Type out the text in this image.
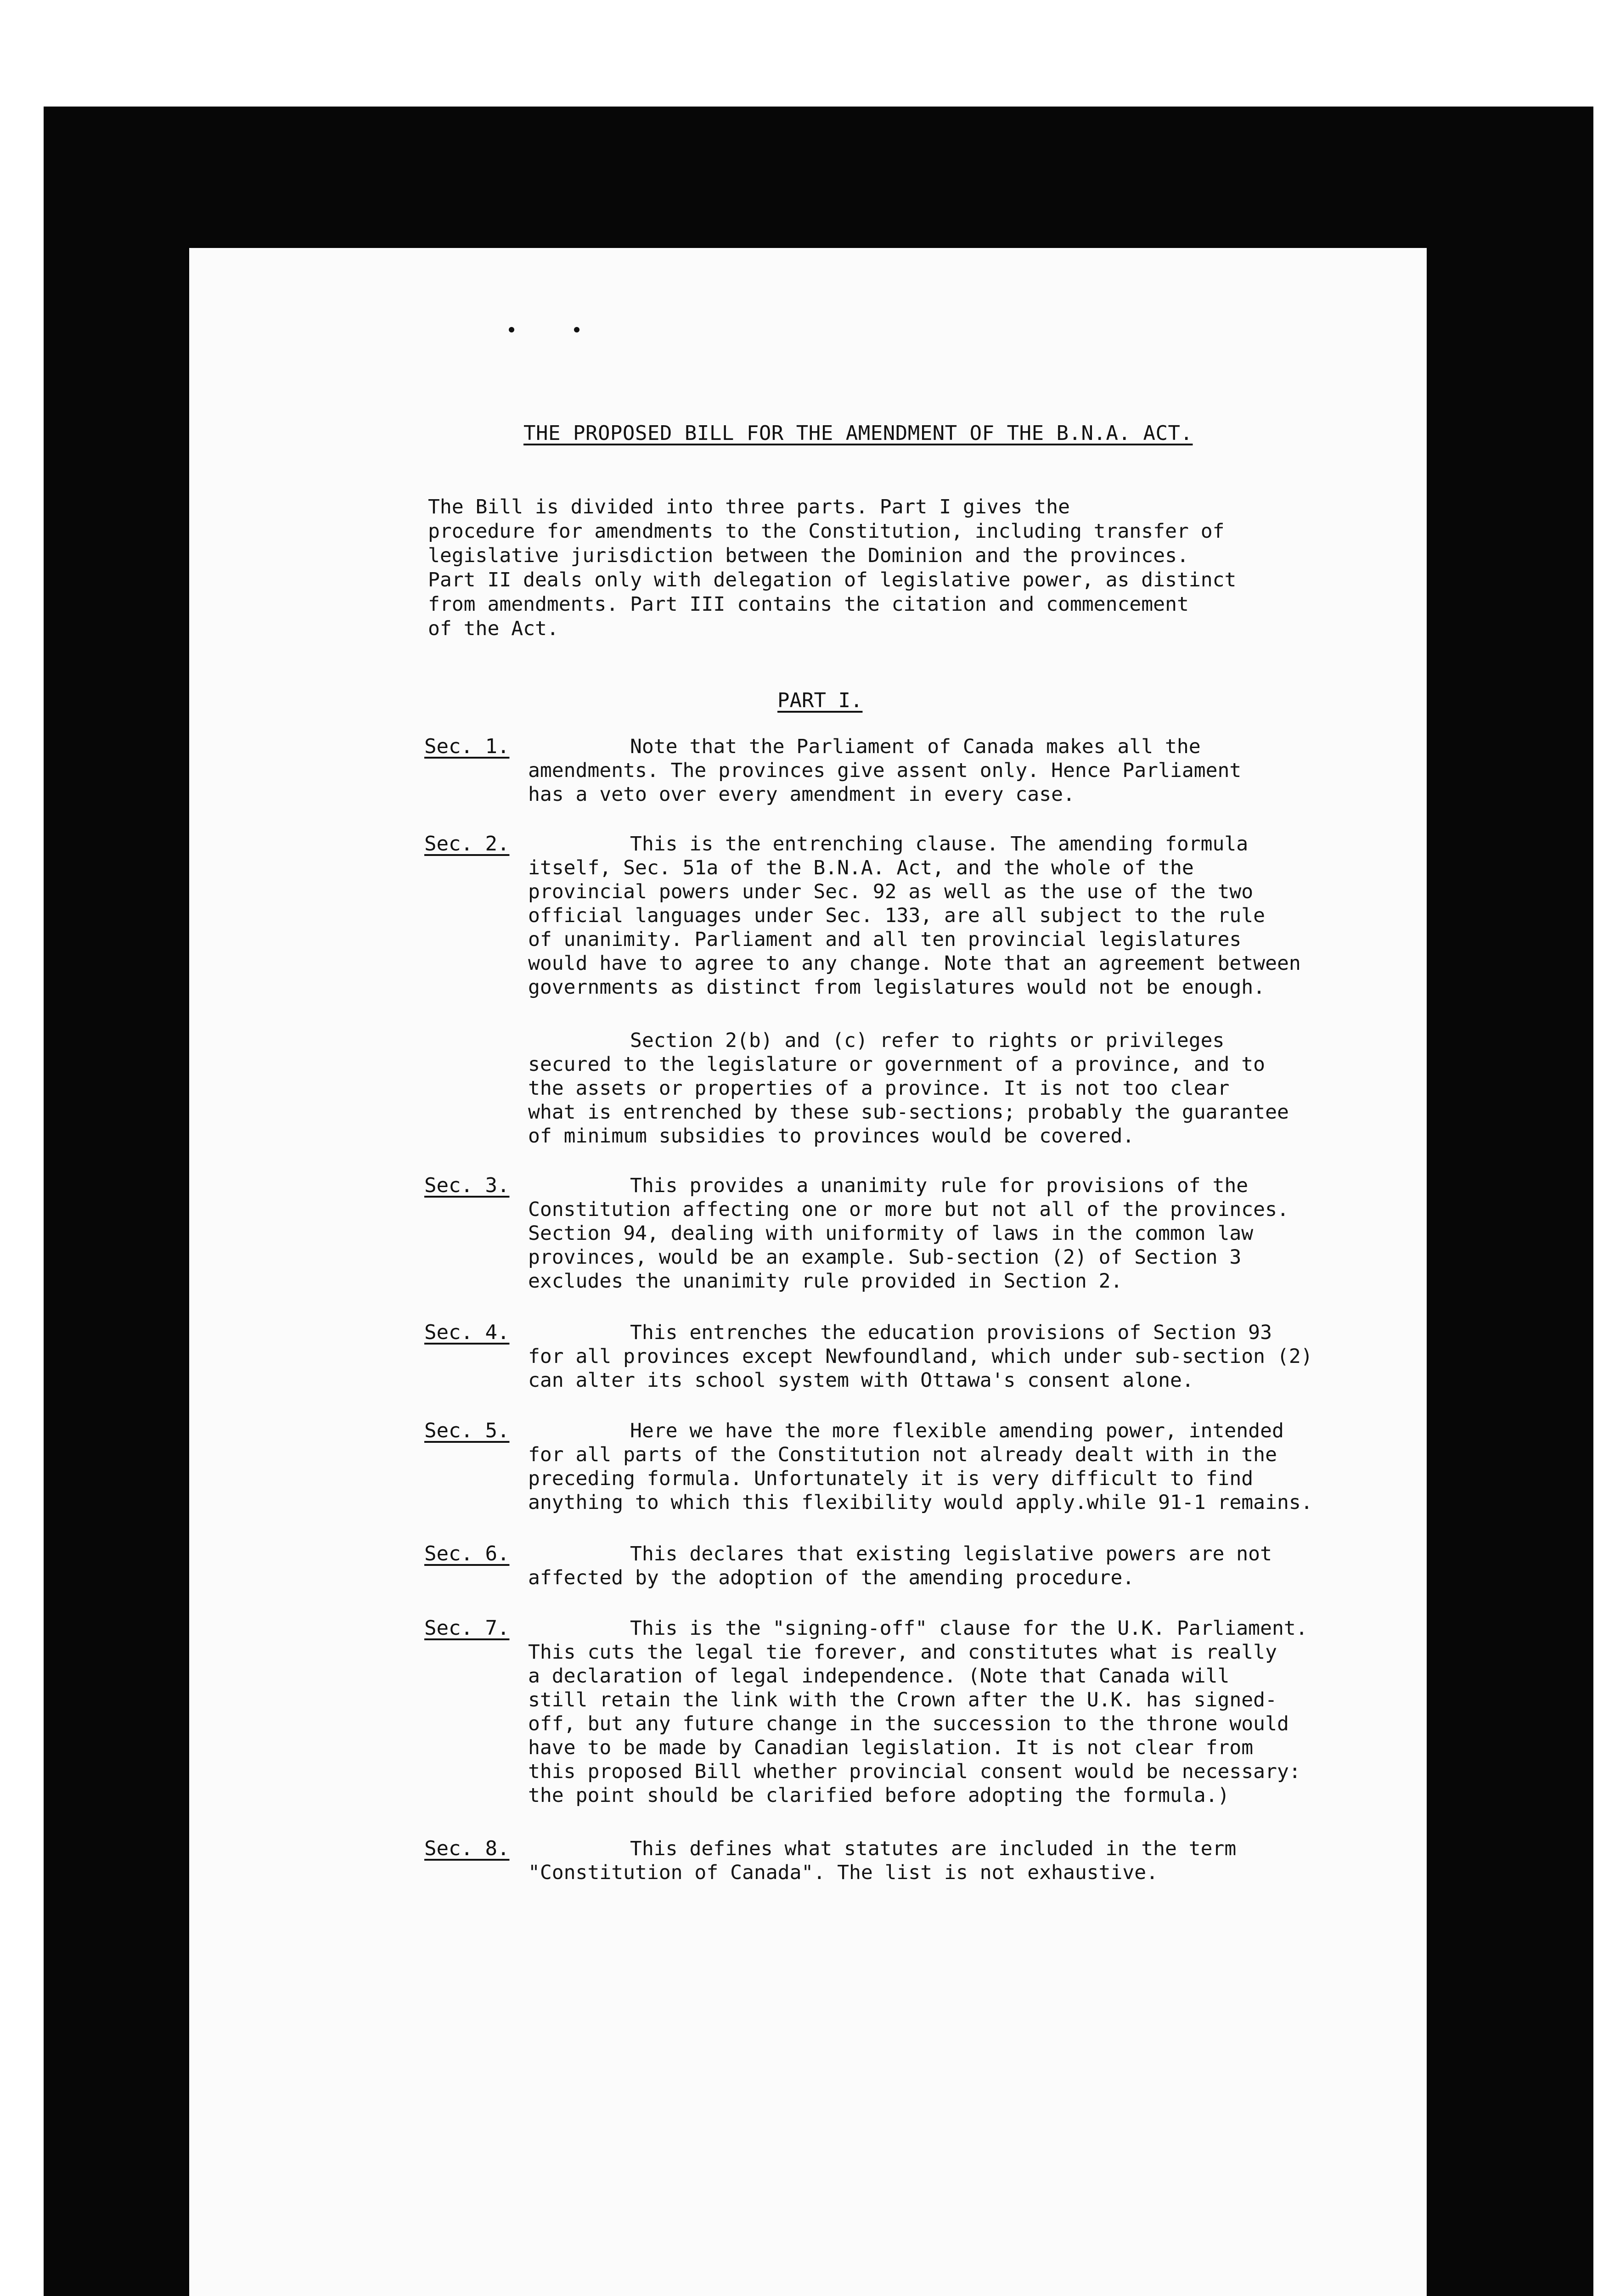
THE PROPOSED BILL FOR THE AMENDMENT OF THE B.N.A. ACT.

The Bill is divided into three parts. Part I gives the
procedure for amendments to the Constitution, including transfer of
legislative jurisdiction between the Dominion and the provinces.
Part II deals only with delegation of legislative power, as distinct
from amendments. Part III contains the citation and commencement
of the Act.

PART I.
Sec. 1.	Note that the Parliament of Canada makes all the
amendments. The provinces give assent only. Hence Parliament
has a veto over every amendment in every case.

Sec. 2.	This is the entrenching clause. The amending formula
itself, Sec. 51a of the B.N.A. Act, and the whole of the
provincial powers under Sec. 92 as well as the use of the two
official languages under Sec. 133, are all subject to the rule
of unanimity. Parliament and all ten provincial legislatures
would have to agree to any change. Note that an agreement between
governments as distinct from legislatures would not be enough.

Section 2(b) and (c) refer to rights or privileges
secured to the legislature or government of a province, and to
the assets or properties of a province. It is not too clear
what is entrenched by these sub-sections; probably the guarantee
of minimum subsidies to provinces would be covered.

Sec. 3.	This provides a unanimity rule for provisions of the
Constitution affecting one or more but not all of the provinces.
Section 94, dealing with uniformity of laws in the common law
provinces, would be an example. Sub-section (2) of Section 3
excludes the unanimity rule provided in Section 2.

Sec. 4.	This entrenches the education provisions of Section 93
for all provinces except Newfoundland, which under sub-section (2)
can alter its school system with Ottawa's consent alone.

Sec. 5.	Here we have the more flexible amending power, intended
for all parts of the Constitution not already dealt with in the
preceding formula. Unfortunately it is very difficult to find
anything to which this flexibility would apply.while 91-1 remains.

Sec. 6.	This declares that existing legislative powers are not
affected by the adoption of the amending procedure.

Sec. 7.	This is the "signing-off" clause for the U.K. Parliament.
This cuts the legal tie forever, and constitutes what is really
a declaration of legal independence. (Note that Canada will
still retain the link with the Crown after the U.K. has signed-
off, but any future change in the succession to the throne would
have to be made by Canadian legislation. It is not clear from
this proposed Bill whether provincial consent would be necessary:
the point should be clarified before adopting the formula.)

Sec. 8.	This defines what statutes are included in the term
"Constitution of Canada". The list is not exhaustive.
